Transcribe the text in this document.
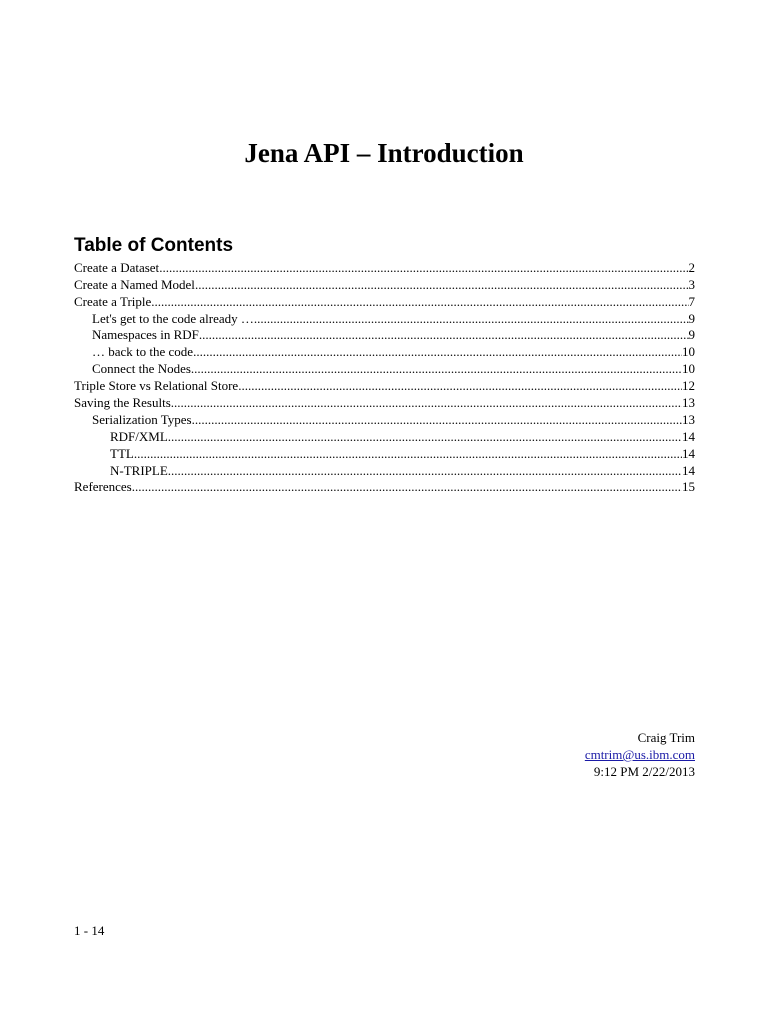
Jena API – Introduction
Table of Contents
Create a Dataset .....	2
Create a Named Model .....	3
Create a Triple .....	7
Let's get to the code already … .....	9
Namespaces in RDF .....	9
… back to the code .....	10
Connect the Nodes .....	10
Triple Store vs Relational Store .....	12
Saving the Results .....	13
Serialization Types .....	13
RDF/XML .....	14
TTL .....	14
N-TRIPLE .....	14
References .....	15
Craig Trim
cmtrim@us.ibm.com
9:12 PM 2/22/2013
1 - 14
